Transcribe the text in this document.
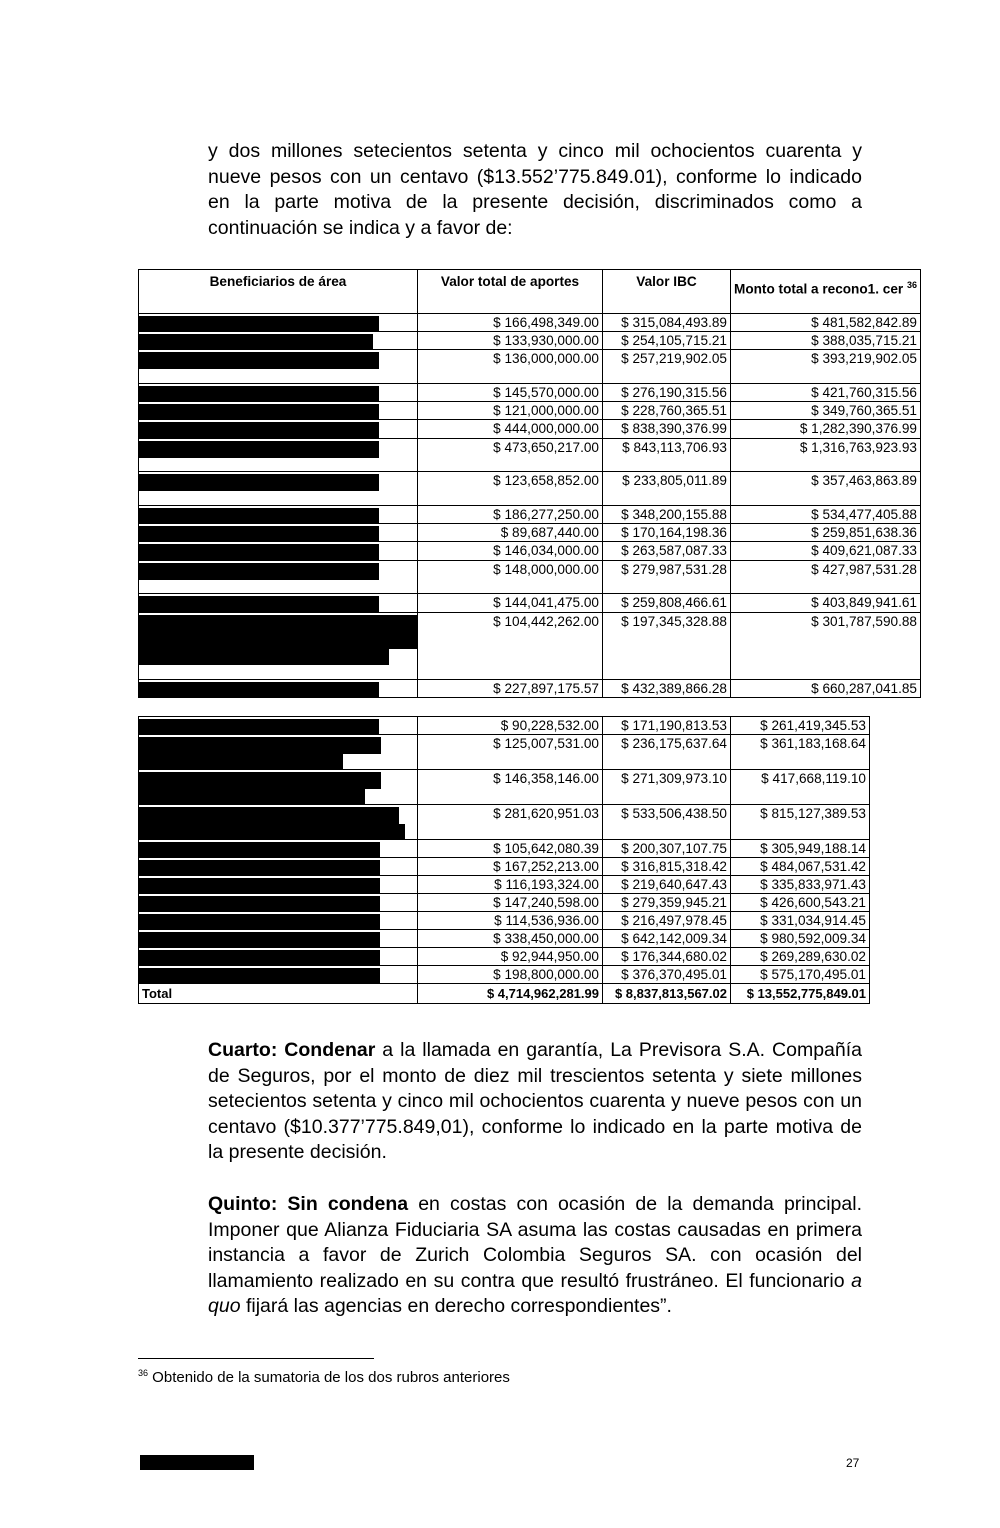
y dos millones setecientos setenta y cinco mil ochocientos cuarenta y nueve pesos con un centavo ($13.552’775.849.01), conforme lo indicado en la parte motiva de la presente decisión, discriminados como a continuación se indica y a favor de:

Beneficiarios de área	Valor total de aportes	Valor IBC	Monto total a recono1. cer $^{36}$

	$ 166,498,349.00	$ 315,084,493.89	$ 481,582,842.89

	$ 133,930,000.00	$ 254,105,715.21	$ 388,035,715.21

	$ 136,000,000.00	$ 257,219,902.05	$ 393,219,902.05

	$ 145,570,000.00	$ 276,190,315.56	$ 421,760,315.56

	$ 121,000,000.00	$ 228,760,365.51	$ 349,760,365.51

	$ 444,000,000.00	$ 838,390,376.99	$ 1,282,390,376.99

	$ 473,650,217.00	$ 843,113,706.93	$ 1,316,763,923.93

	$ 123,658,852.00	$ 233,805,011.89	$ 357,463,863.89

	$ 186,277,250.00	$ 348,200,155.88	$ 534,477,405.88

	$ 89,687,440.00	$ 170,164,198.36	$ 259,851,638.36

	$ 146,034,000.00	$ 263,587,087.33	$ 409,621,087.33

	$ 148,000,000.00	$ 279,987,531.28	$ 427,987,531.28

	$ 144,041,475.00	$ 259,808,466.61	$ 403,849,941.61

	$ 104,442,262.00	$ 197,345,328.88	$ 301,787,590.88

	$ 227,897,175.57	$ 432,389,866.28	$ 660,287,041.85
	$ 90,228,532.00	$ 171,190,813.53	$ 261,419,345.53

	$ 125,007,531.00	$ 236,175,637.64	$ 361,183,168.64

	$ 146,358,146.00	$ 271,309,973.10	$ 417,668,119.10

	$ 281,620,951.03	$ 533,506,438.50	$ 815,127,389.53

	$ 105,642,080.39	$ 200,307,107.75	$ 305,949,188.14

	$ 167,252,213.00	$ 316,815,318.42	$ 484,067,531.42

	$ 116,193,324.00	$ 219,640,647.43	$ 335,833,971.43

	$ 147,240,598.00	$ 279,359,945.21	$ 426,600,543.21

	$ 114,536,936.00	$ 216,497,978.45	$ 331,034,914.45

	$ 338,450,000.00	$ 642,142,009.34	$ 980,592,009.34

	$ 92,944,950.00	$ 176,344,680.02	$ 269,289,630.02

	$ 198,800,000.00	$ 376,370,495.01	$ 575,170,495.01
Total	$ 4,714,962,281.99	$ 8,837,813,567.02	$ 13,552,775,849.01

Cuarto: Condenar a la llamada en garantía, La Previsora S.A. Compañía de Seguros, por el monto de diez mil trescientos setenta y siete millones setecientos setenta y cinco mil ochocientos cuarenta y nueve pesos con un centavo ($10.377’775.849,01), conforme lo indicado en la parte motiva de la presente decisión.

Quinto: Sin condena en costas con ocasión de la demanda principal. Imponer que Alianza Fiduciaria SA asuma las costas causadas en primera instancia a favor de Zurich Colombia Seguros SA. con ocasión del llamamiento realizado en su contra que resultó frustráneo. El funcionario a quo fijará las agencias en derecho correspondientes”.

$^{36}$ Obtenido de la sumatoria de los dos rubros anteriores
27
